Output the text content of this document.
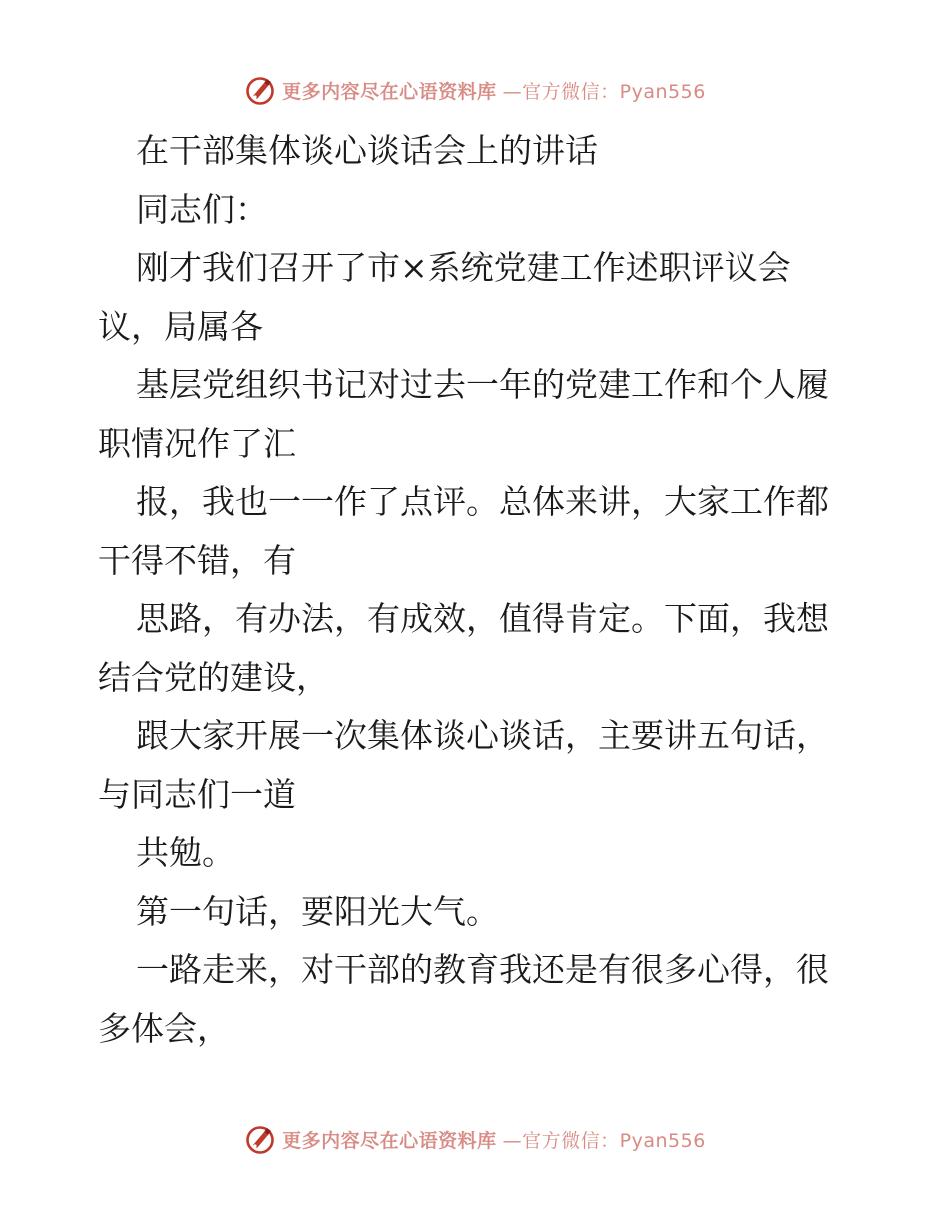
更多内容尽在心语资料库 —官方微信：Pyan556
在干部集体谈心谈话会上的讲话
同志们：
刚才我们召开了市×系统党建工作述职评议会
议，局属各
基层党组织书记对过去一年的党建工作和个人履
职情况作了汇
报，我也一一作了点评。总体来讲，大家工作都
干得不错，有
思路，有办法，有成效，值得肯定。下面，我想
结合党的建设，
跟大家开展一次集体谈心谈话，主要讲五句话，
与同志们一道
共勉。
第一句话，要阳光大气。
一路走来，对干部的教育我还是有很多心得，很
多体会，
更多内容尽在心语资料库 —官方微信：Pyan556
